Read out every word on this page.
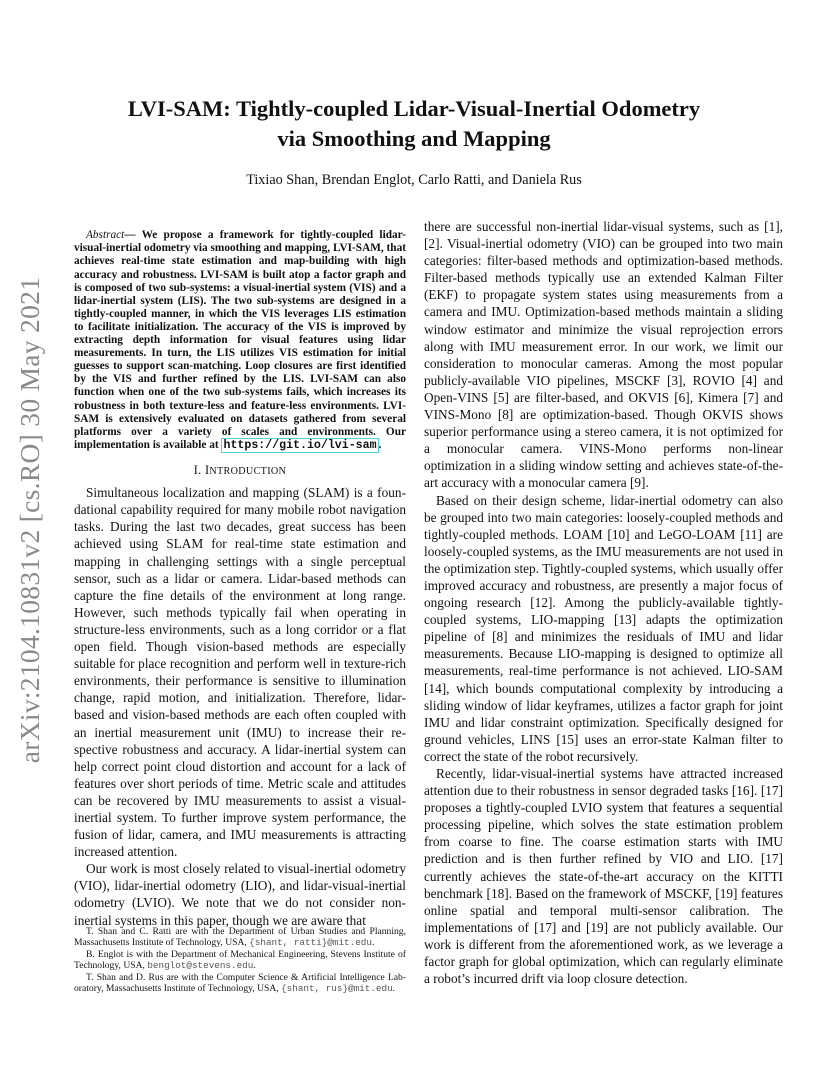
arXiv:2104.10831v2 [cs.RO] 30 May 2021
LVI-SAM: Tightly-coupled Lidar-Visual-Inertial Odometry
via Smoothing and Mapping
Tixiao Shan, Brendan Englot, Carlo Ratti, and Daniela Rus

Abstract— We propose a framework for tightly-coupled lidar-visual-inertial odometry via smoothing and mapping, LVI-SAM, that achieves real-time state estimation and map-building with high accuracy and robustness. LVI-SAM is built atop a factor graph and is composed of two sub-systems: a visual-inertial system (VIS) and a lidar-inertial system (LIS). The two sub-systems are designed in a tightly-coupled manner, in which the VIS leverages LIS estimation to facilitate initialization. The accuracy of the VIS is improved by extracting depth information for visual features using lidar measurements. In turn, the LIS utilizes VIS estimation for initial guesses to support scan-matching. Loop closures are first identified by the VIS and further refined by the LIS. LVI-SAM can also function when one of the two sub-systems fails, which increases its robustness in both texture-less and feature-less environments. LVI-SAM is extensively evaluated on datasets gathered from several platforms over a variety of scales and environments. Our implementation is available at https://git.io/lvi-sam .

I. INTRODUCTION

Simultaneous localization and mapping (SLAM) is a foundational capability required for many mobile robot navigation tasks. During the last two decades, great success has been achieved using SLAM for real-time state estimation and mapping in challenging settings with a single perceptual sensor, such as a lidar or camera. Lidar-based methods can capture the fine details of the environment at long range. However, such methods typically fail when operating in structure-less environments, such as a long corridor or a flat open field. Though vision-based methods are especially suitable for place recognition and perform well in texture-rich environments, their performance is sensitive to illumination change, rapid motion, and initialization. Therefore, lidar-based and vision-based methods are each often coupled with an inertial measurement unit (IMU) to increase their respective robustness and accuracy. A lidar-inertial system can help correct point cloud distortion and account for a lack of features over short periods of time. Metric scale and attitudes can be recovered by IMU measurements to assist a visual-inertial system. To further improve system performance, the fusion of lidar, camera, and IMU measurements is attracting increased attention.

Our work is most closely related to visual-inertial odometry (VIO), lidar-inertial odometry (LIO), and lidar-visual-inertial odometry (LVIO). We note that we do not consider non-inertial systems in this paper, though we are aware that

T. Shan and C. Ratti are with the Department of Urban Studies and Planning, Massachusetts Institute of Technology, USA, {shant, ratti}@mit.edu.

B. Englot is with the Department of Mechanical Engineering, Stevens Institute of Technology, USA, benglot@stevens.edu.

T. Shan and D. Rus are with the Computer Science & Artificial Intelligence Laboratory, Massachusetts Institute of Technology, USA, {shant, rus}@mit.edu.

there are successful non-inertial lidar-visual systems, such as [1], [2]. Visual-inertial odometry (VIO) can be grouped into two main categories: filter-based methods and optimization-based methods. Filter-based methods typically use an extended Kalman Filter (EKF) to propagate system states using measurements from a camera and IMU. Optimization-based methods maintain a sliding window estimator and minimize the visual reprojection errors along with IMU measurement error. In our work, we limit our consideration to monocular cameras. Among the most popular publicly-available VIO pipelines, MSCKF [3], ROVIO [4] and Open-VINS [5] are filter-based, and OKVIS [6], Kimera [7] and VINS-Mono [8] are optimization-based. Though OKVIS shows superior performance using a stereo camera, it is not optimized for a monocular camera. VINS-Mono performs non-linear optimization in a sliding window setting and achieves state-of-the-art accuracy with a monocular camera [9].

Based on their design scheme, lidar-inertial odometry can also be grouped into two main categories: loosely-coupled methods and tightly-coupled methods. LOAM [10] and LeGO-LOAM [11] are loosely-coupled systems, as the IMU measurements are not used in the optimization step. Tightly-coupled systems, which usually offer improved accuracy and robustness, are presently a major focus of ongoing research [12]. Among the publicly-available tightly-coupled systems, LIO-mapping [13] adapts the optimization pipeline of [8] and minimizes the residuals of IMU and lidar measurements. Because LIO-mapping is designed to optimize all measurements, real-time performance is not achieved. LIO-SAM [14], which bounds computational complexity by introducing a sliding window of lidar keyframes, utilizes a factor graph for joint IMU and lidar constraint optimization. Specifically designed for ground vehicles, LINS [15] uses an error-state Kalman filter to correct the state of the robot recursively.

Recently, lidar-visual-inertial systems have attracted increased attention due to their robustness in sensor degraded tasks [16]. [17] proposes a tightly-coupled LVIO system that features a sequential processing pipeline, which solves the state estimation problem from coarse to fine. The coarse estimation starts with IMU prediction and is then further refined by VIO and LIO. [17] currently achieves the state-of-the-art accuracy on the KITTI benchmark [18]. Based on the framework of MSCKF, [19] features online spatial and temporal multi-sensor calibration. The implementations of [17] and [19] are not publicly available. Our work is different from the aforementioned work, as we leverage a factor graph for global optimization, which can regularly eliminate a robot’s incurred drift via loop closure detection.
